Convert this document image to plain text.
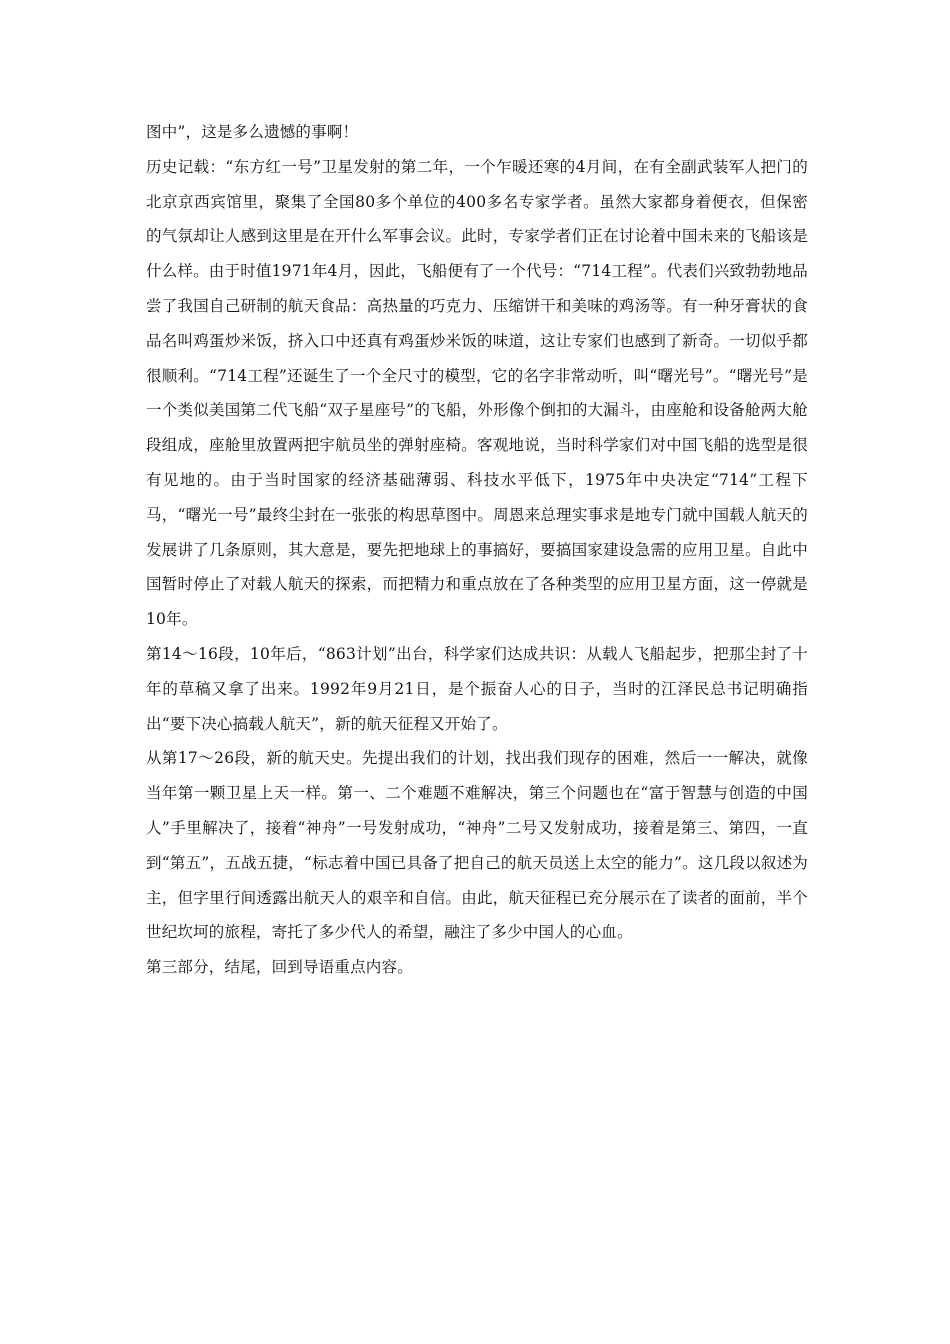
图中”，这是多么遗憾的事啊！

历史记载：“东方红一号”卫星发射的第二年，一个乍暖还寒的4月间，在有全副武装军人把门的北京京西宾馆里，聚集了全国80多个单位的400多名专家学者。虽然大家都身着便衣，但保密的气氛却让人感到这里是在开什么军事会议。此时，专家学者们正在讨论着中国未来的飞船该是什么样。由于时值1971年4月，因此，飞船便有了一个代号：“714工程”。代表们兴致勃勃地品尝了我国自己研制的航天食品：高热量的巧克力、压缩饼干和美味的鸡汤等。有一种牙膏状的食品名叫鸡蛋炒米饭，挤入口中还真有鸡蛋炒米饭的味道，这让专家们也感到了新奇。一切似乎都很顺利。“714工程”还诞生了一个全尺寸的模型，它的名字非常动听，叫“曙光号”。“曙光号”是一个类似美国第二代飞船“双子星座号”的飞船，外形像个倒扣的大漏斗，由座舱和设备舱两大舱段组成，座舱里放置两把宇航员坐的弹射座椅。客观地说，当时科学家们对中国飞船的选型是很有见地的。由于当时国家的经济基础薄弱、科技水平低下，1975年中央决定“714”工程下马，“曙光一号”最终尘封在一张张的构思草图中。周恩来总理实事求是地专门就中国载人航天的发展讲了几条原则，其大意是，要先把地球上的事搞好，要搞国家建设急需的应用卫星。自此中国暂时停止了对载人航天的探索，而把精力和重点放在了各种类型的应用卫星方面，这一停就是10年。

第14～16段，10年后，“863计划”出台，科学家们达成共识：从载人飞船起步，把那尘封了十年的草稿又拿了出来。1992年9月21日，是个振奋人心的日子，当时的江泽民总书记明确指出“要下决心搞载人航天”，新的航天征程又开始了。

从第17～26段，新的航天史。先提出我们的计划，找出我们现存的困难，然后一一解决，就像当年第一颗卫星上天一样。第一、二个难题不难解决，第三个问题也在“富于智慧与创造的中国人”手里解决了，接着“神舟”一号发射成功，“神舟”二号又发射成功，接着是第三、第四，一直到“第五”，五战五捷，“标志着中国已具备了把自己的航天员送上太空的能力”。这几段以叙述为主，但字里行间透露出航天人的艰辛和自信。由此，航天征程已充分展示在了读者的面前，半个世纪坎坷的旅程，寄托了多少代人的希望，融注了多少中国人的心血。

第三部分，结尾，回到导语重点内容。
